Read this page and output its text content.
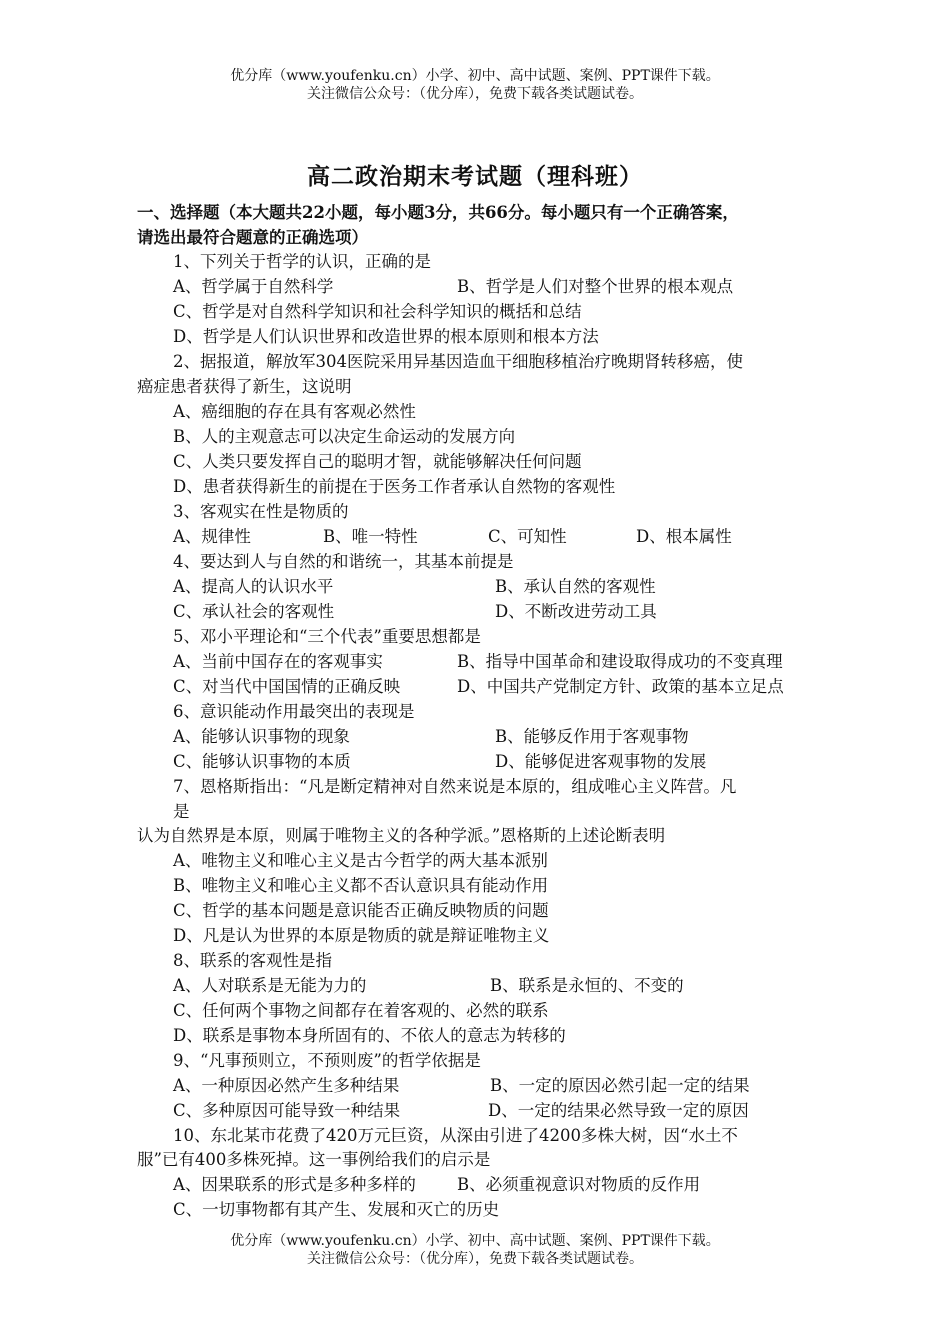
优分库（www.youfenku.cn）小学、初中、高中试题、案例、PPT课件下载。
关注微信公众号：（优分库），免费下载各类试题试卷。
高二政治期末考试题（理科班）
一、选择题（本大题共22小题，每小题3分，共66分。每小题只有一个正确答案，
请选出最符合题意的正确选项）
1、下列关于哲学的认识，正确的是
A、哲学属于自然科学	B、哲学是人们对整个世界的根本观点
C、哲学是对自然科学知识和社会科学知识的概括和总结
D、哲学是人们认识世界和改造世界的根本原则和根本方法
2、据报道，解放军304医院采用异基因造血干细胞移植治疗晚期肾转移癌，使
癌症患者获得了新生，这说明
A、癌细胞的存在具有客观必然性
B、人的主观意志可以决定生命运动的发展方向
C、人类只要发挥自己的聪明才智，就能够解决任何问题
D、患者获得新生的前提在于医务工作者承认自然物的客观性
3、客观实在性是物质的
A、规律性	B、唯一特性	C、可知性	D、根本属性
4、要达到人与自然的和谐统一，其基本前提是
A、提高人的认识水平	B、承认自然的客观性
C、承认社会的客观性	D、不断改进劳动工具
5、邓小平理论和“三个代表”重要思想都是
A、当前中国存在的客观事实	B、指导中国革命和建设取得成功的不变真理
C、对当代中国国情的正确反映	D、中国共产党制定方针、政策的基本立足点
6、意识能动作用最突出的表现是
A、能够认识事物的现象	B、能够反作用于客观事物
C、能够认识事物的本质	D、能够促进客观事物的发展
7、恩格斯指出：“凡是断定精神对自然来说是本原的，组成唯心主义阵营。凡
是
认为自然界是本原，则属于唯物主义的各种学派。”恩格斯的上述论断表明
A、唯物主义和唯心主义是古今哲学的两大基本派别
B、唯物主义和唯心主义都不否认意识具有能动作用
C、哲学的基本问题是意识能否正确反映物质的问题
D、凡是认为世界的本原是物质的就是辩证唯物主义
8、联系的客观性是指
A、人对联系是无能为力的	B、联系是永恒的、不变的
C、任何两个事物之间都存在着客观的、必然的联系
D、联系是事物本身所固有的、不依人的意志为转移的
9、“凡事预则立，不预则废”的哲学依据是
A、一种原因必然产生多种结果	B、一定的原因必然引起一定的结果
C、多种原因可能导致一种结果	D、一定的结果必然导致一定的原因
10、东北某市花费了420万元巨资，从深由引进了4200多株大树，因“水土不
服”已有400多株死掉。这一事例给我们的启示是
A、因果联系的形式是多种多样的 B、必须重视意识对物质的反作用
C、一切事物都有其产生、发展和灭亡的历史
优分库（www.youfenku.cn）小学、初中、高中试题、案例、PPT课件下载。
关注微信公众号：（优分库），免费下载各类试题试卷。
